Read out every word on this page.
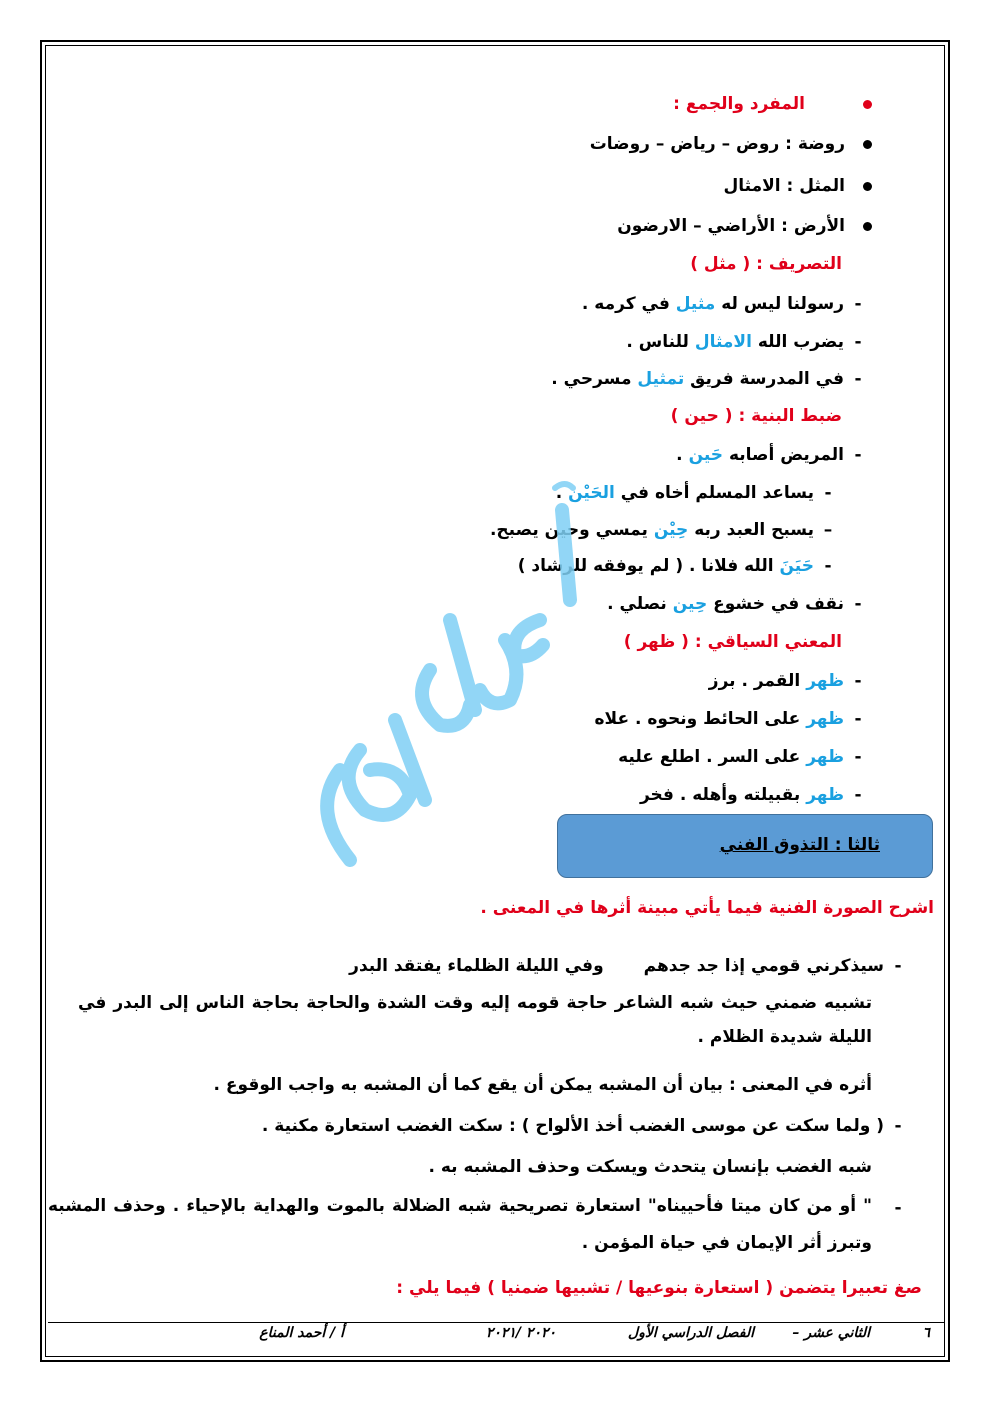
المفرد والجمع :
روضة : روض – رياض – روضات
المثل : الامثال
الأرض : الأراضي – الارضون
التصريف : ( مثل )
-رسولنا ليس له مثيل في كرمه .
-يضرب الله الامثال للناس .
-في المدرسة فريق تمثيل مسرحي .
ضبط البنية : ( حين )
-المريض أصابه حَين .
-يساعد المسلم أخاه في الحَيْن .
–يسبح العبد ربه حِيْن يمسي وحين يصبح.
-حَيَنَ الله فلانا . ( لم يوفقه للرشاد )
-نقف في خشوع حِين نصلي .
المعني السياقي : ( ظهر )
-ظهر القمر . برز
-ظهر على الحائط ونحوه . علاه
-ظهر على السر . اطلع عليه
-ظهر بقبيلته وأهله . فخر
ثالثا : التذوق الفني
اشرح الصورة الفنية فيما يأتي مبينة أثرها في المعنى .
-سيذكرني قومي إذا جد جدهموفي الليلة الظلماء يفتقد البدر
تشبيه ضمني حيث شبه الشاعر حاجة قومه إليه وقت الشدة والحاجة بحاجة الناس إلى البدر في الليلة شديدة الظلام .
أثره في المعنى : بيان أن المشبه يمكن أن يقع كما أن المشبه به واجب الوقوع .
-( ولما سكت عن موسى الغضب أخذ الألواح ) : سكت الغضب استعارة مكنية .
شبه الغضب بإنسان يتحدث ويسكت وحذف المشبه به .
-
" أو من كان ميتا فأحييناه" استعارة تصريحية شبه الضلالة بالموت والهداية بالإحياء . وحذف المشبه وتبرز أثر الإيمان في حياة المؤمن .
صغ تعبيرا يتضمن ( استعارة بنوعيها / تشبيها ضمنيا ) فيما يلي :
٦
الثاني عشر –
الفصل الدراسي الأول
٢٠٢٠ /٢٠٢١
أ / أحمد المناع
